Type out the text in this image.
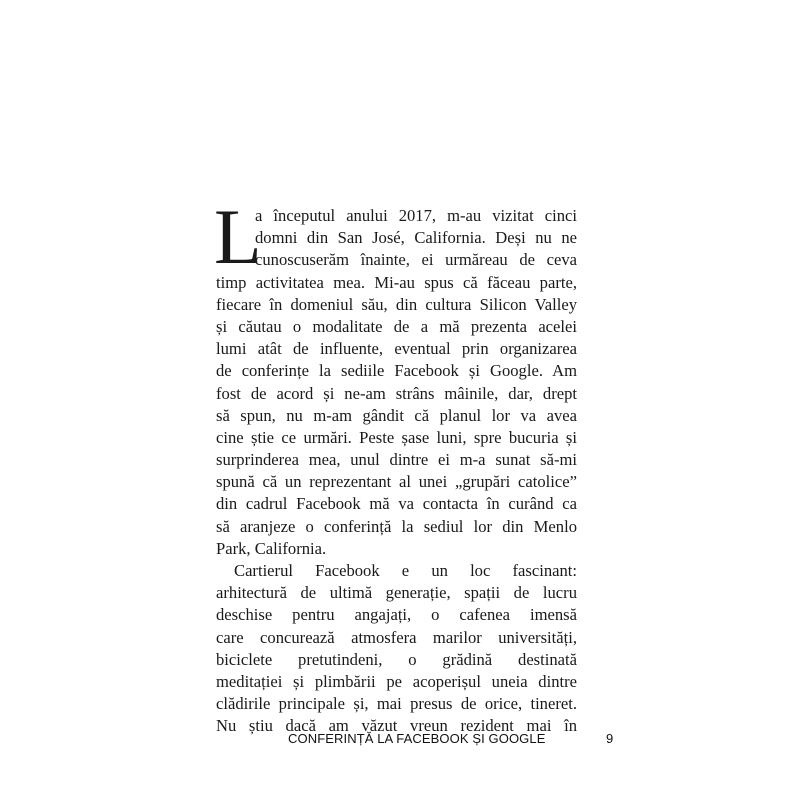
L
a începutul anului 2017, m-au vizitat cinci
domni din San José, California. Deși nu ne
cunoscuserăm înainte, ei urmăreau de ceva
timp activitatea mea. Mi-au spus că făceau parte,
fiecare în domeniul său, din cultura Silicon Valley
și căutau o modalitate de a mă prezenta acelei
lumi atât de influente, eventual prin organizarea
de conferințe la sediile Facebook și Google. Am
fost de acord și ne-am strâns mâinile, dar, drept
să spun, nu m-am gândit că planul lor va avea
cine știe ce urmări. Peste șase luni, spre bucuria și
surprinderea mea, unul dintre ei m-a sunat să-mi
spună că un reprezentant al unei „grupări catolice”
din cadrul Facebook mă va contacta în curând ca
să aranjeze o conferință la sediul lor din Menlo
Park, California.
Cartierul Facebook e un loc fascinant:
arhitectură de ultimă generație, spații de lucru
deschise pentru angajați, o cafenea imensă
care concurează atmosfera marilor universități,
biciclete pretutindeni, o grădină destinată
meditației și plimbării pe acoperișul uneia dintre
clădirile principale și, mai presus de orice, tineret.
Nu știu dacă am văzut vreun rezident mai în
CONFERINȚĂ LA FACEBOOK ȘI GOOGLE	9
